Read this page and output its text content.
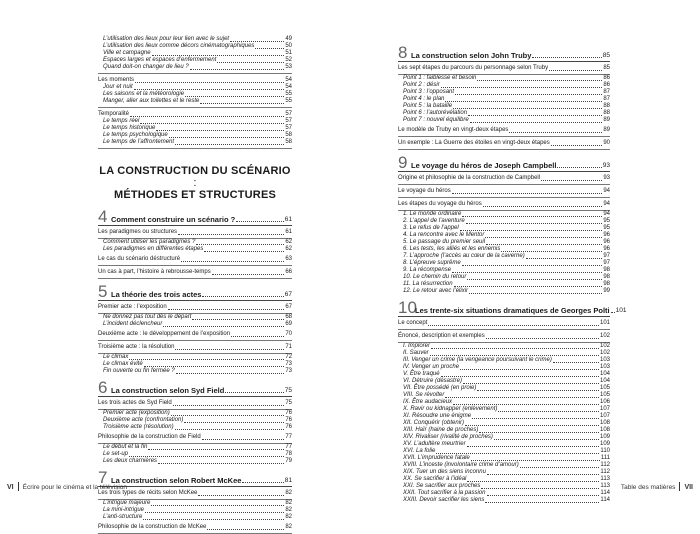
L’utilisation des lieux pour leur lien avec le sujet	49
L’utilisation des lieux comme décors cinématographiques	50
Ville et campagne	51
Espaces larges et espaces d’enfermement	52
Quand doit-on changer de lieu ?	53
Les moments	54
Jour et nuit	54
Les saisons et la météorologie	55
Manger, aller aux toilettes et le reste	55
Temporalité	57
Le temps réel	57
Le temps historique	57
Le temps psychologique	58
Le temps de l’affrontement	58
LA CONSTRUCTION DU SCÉNARIO :
MÉTHODES ET STRUCTURES
4 Comment construire un scénario ?	61
Les paradigmes ou structures	61
Comment utiliser les paradigmes ?	62
Les paradigmes en différentes étapes	62
Le cas du scénario déstructuré	63
Un cas à part, l’histoire à rebrousse-temps	66
5 La théorie des trois actes	67
Premier acte : l’exposition	67
Ne donnez pas tout dès le départ	68
L’incident déclencheur	69
Deuxième acte : le développement de l’exposition	70
Troisième acte : la résolution	71
Le climax	72
Le climax évité	73
Fin ouverte ou fin fermée ?	73
6 La construction selon Syd Field	75
Les trois actes de Syd Field	75
Premier acte (exposition)	76
Deuxième acte (confrontation)	76
Troisième acte (résolution)	76
Philosophie de la construction de Field	77
Le début et la fin	77
Le set-up	78
Les deux charnières	79
7 La construction selon Robert McKee	81
Les trois types de récits selon McKee	82
L’intrigue majeure	82
La mini-intrigue	82
L’anti-structure	82
Philosophie de la construction de McKee	82
VI Écrire pour le cinéma et la télévision
8 La construction selon John Truby	85
Les sept étapes du parcours du personnage selon Truby	85
Point 1 : faiblesse et besoin	86
Point 2 : désir	86
Point 3 : l’opposant	87
Point 4 : le plan	87
Point 5 : la bataille	88
Point 6 : l’autorévélation	88
Point 7 : nouvel équilibre	89
Le modèle de Truby en vingt-deux étapes	89
Un exemple : La Guerre des étoiles en vingt-deux étapes	90
9 Le voyage du héros de Joseph Campbell	93
Origine et philosophie de la construction de Campbell	93
Le voyage du héros	94
Les étapes du voyage du héros	94
1. Le monde ordinaire	94
2. L’appel de l’aventure	95
3. Le refus de l’appel	95
4. La rencontre avec le Mentor	96
5. Le passage du premier seuil	96
6. Les tests, les alliés et les ennemis	96
7. L’approche (l’accès au cœur de la caverne)	97
8. L’épreuve suprême	97
9. La récompense	98
10. Le chemin du retour	98
11. La résurrection	98
12. Le retour avec l’élixir	99
10
Les trente-six situations dramatiques de Georges Polti 101
Le concept	101
Énoncé, description et exemples	102
I. Implorer	102
II. Sauver	102
III. Venger un crime (la vengeance poursuivant le crime)	103
IV. Venger un proche	103
V. Être traqué	104
VI. Détruire (désastre)	104
VII. Être possédé (en proie)	105
VIII. Se révolter	105
IX. Être audacieux	106
X. Ravir ou kidnapper (enlèvement)	107
XI. Résoudre une énigme	107
XII. Conquérir (obtenir)	108
XIII. Haïr (haine de proches)	108
XIV. Rivaliser (rivalité de proches)	109
XV. L’adultère meurtrier	109
XVI. La folie	110
XVII. L’imprudence fatale	111
XVIII. L’inceste (involontaire crime d’amour)	112
XIX. Tuer un des siens inconnu	112
XX. Se sacrifier à l’idéal	113
XXI. Se sacrifier aux proches	113
XXII. Tout sacrifier à la passion	114
XXIII. Devoir sacrifier les siens	114
Table des matières VII
